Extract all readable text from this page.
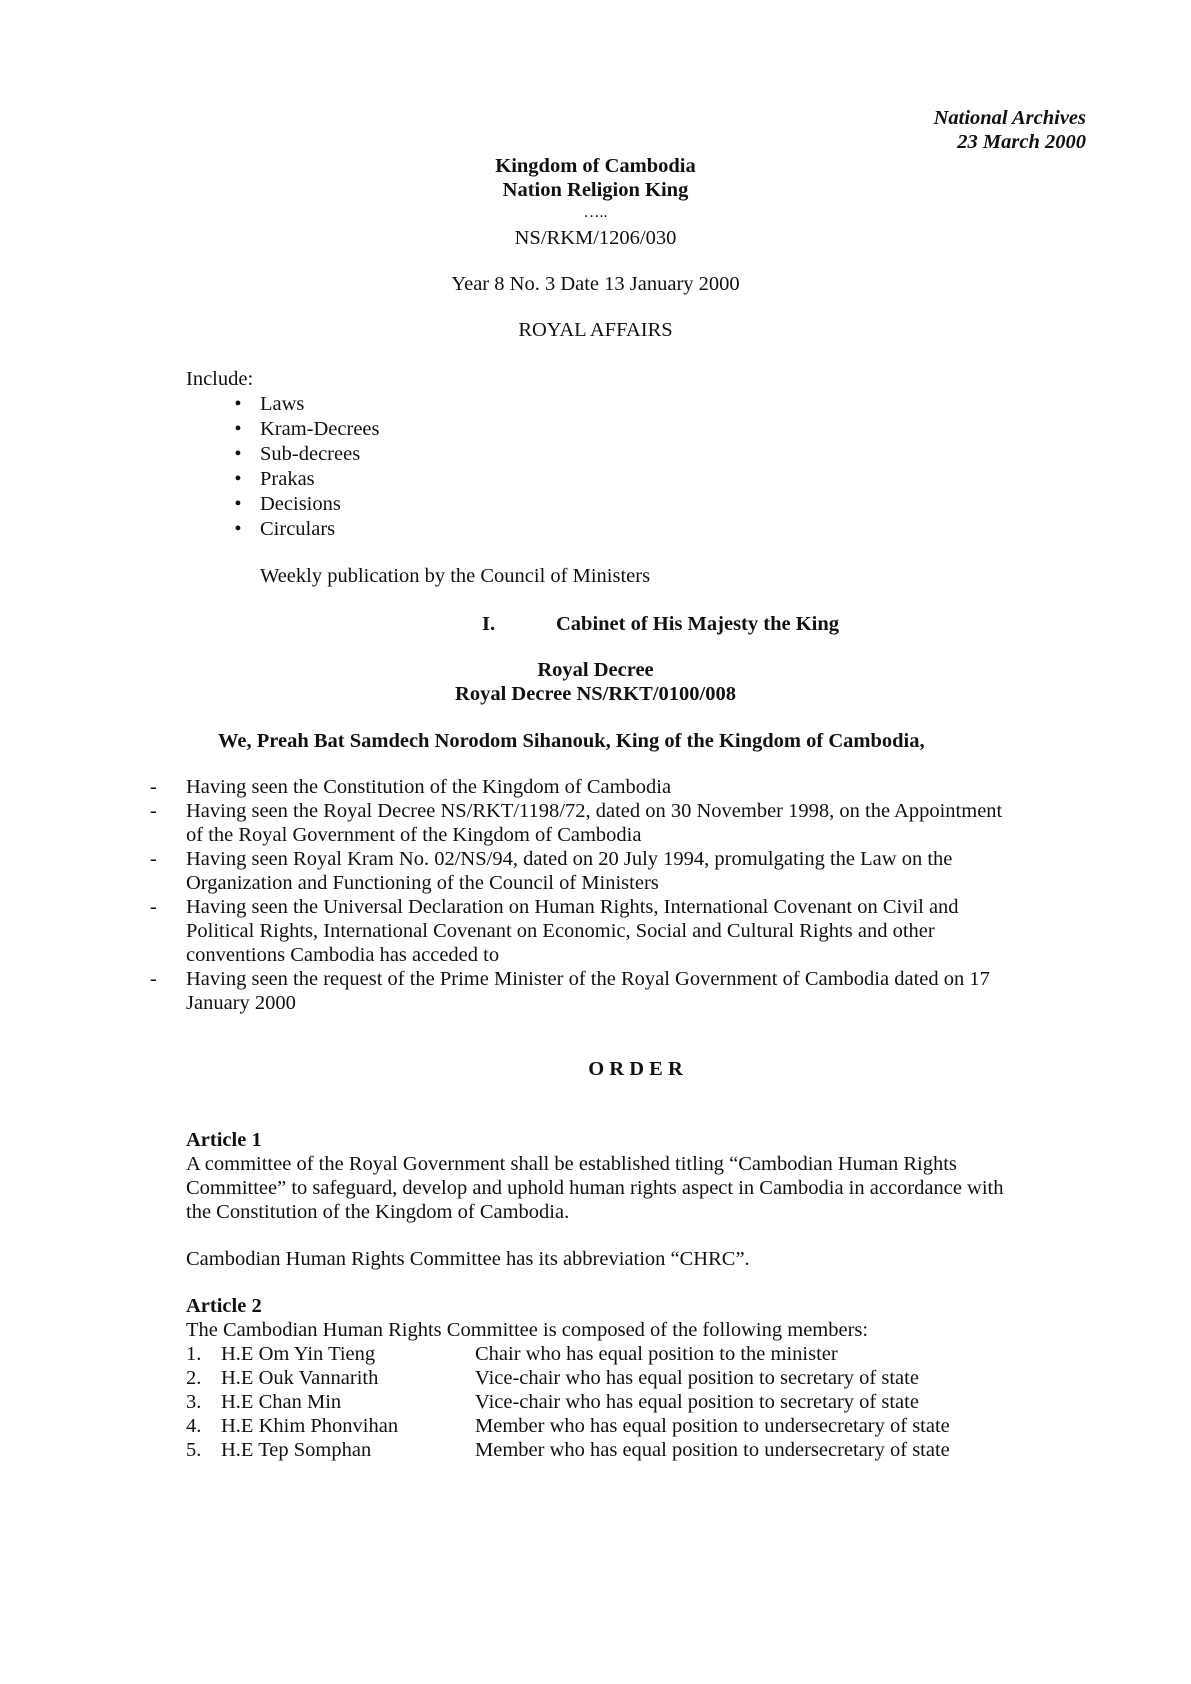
National Archives
23 March 2000
Kingdom of Cambodia
Nation Religion King
…..
NS/RKM/1206/030
Year 8 No. 3 Date 13 January 2000
ROYAL AFFAIRS
Include:
• Laws
• Kram-Decrees
• Sub-decrees
• Prakas
• Decisions
• Circulars
Weekly publication by the Council of Ministers
I.	Cabinet of His Majesty the King
Royal Decree
Royal Decree NS/RKT/0100/008
We, Preah Bat Samdech Norodom Sihanouk, King of the Kingdom of Cambodia,
- Having seen the Constitution of the Kingdom of Cambodia
- Having seen the Royal Decree NS/RKT/1198/72, dated on 30 November 1998, on the Appointment
of the Royal Government of the Kingdom of Cambodia
- Having seen Royal Kram No. 02/NS/94, dated on 20 July 1994, promulgating the Law on the
Organization and Functioning of the Council of Ministers
- Having seen the Universal Declaration on Human Rights, International Covenant on Civil and
Political Rights, International Covenant on Economic, Social and Cultural Rights and other
conventions Cambodia has acceded to
- Having seen the request of the Prime Minister of the Royal Government of Cambodia dated on 17
January 2000
O R D E R
Article 1
A committee of the Royal Government shall be established titling “Cambodian Human Rights
Committee” to safeguard, develop and uphold human rights aspect in Cambodia in accordance with
the Constitution of the Kingdom of Cambodia.
Cambodian Human Rights Committee has its abbreviation “CHRC”.
Article 2
The Cambodian Human Rights Committee is composed of the following members:
1. H.E Om Yin Tieng	Chair who has equal position to the minister
2. H.E Ouk Vannarith	Vice-chair who has equal position to secretary of state
3. H.E Chan Min	Vice-chair who has equal position to secretary of state
4. H.E Khim Phonvihan	Member who has equal position to undersecretary of state
5. H.E Tep Somphan	Member who has equal position to undersecretary of state
